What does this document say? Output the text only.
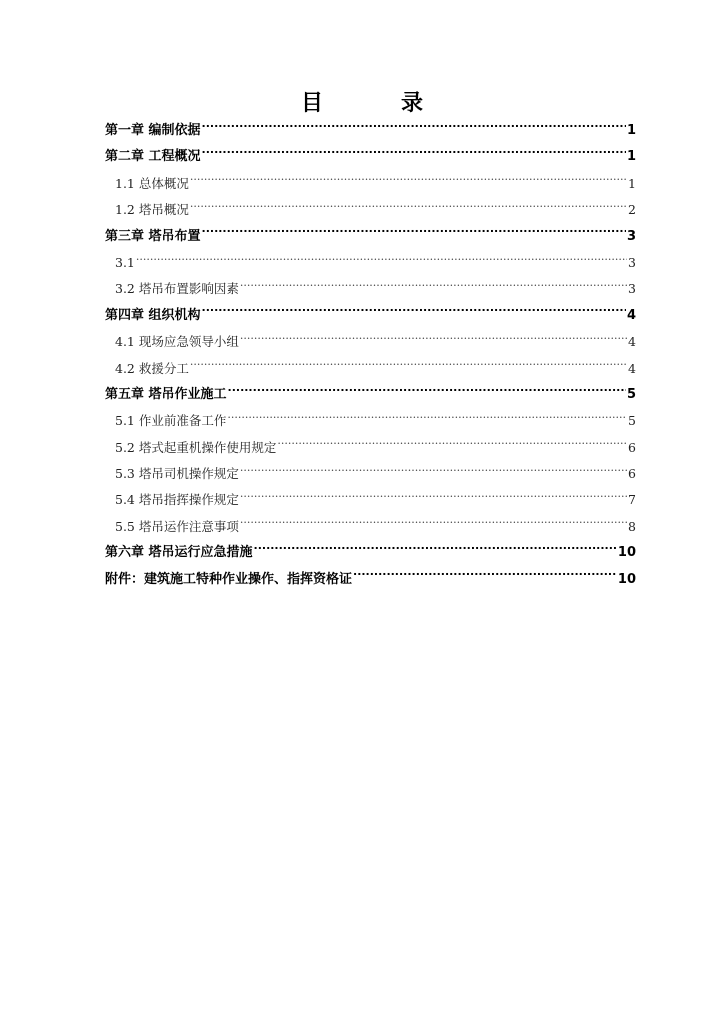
目　录
第一章 编制依据 .....	1
第二章 工程概况 .....	1
1.1 总体概况 .....	1
1.2 塔吊概况 .....	2
第三章 塔吊布置 .....	3
3.1 .....	3
3.2 塔吊布置影响因素 .....	3
第四章 组织机构 .....	4
4.1 现场应急领导小组 .....	4
4.2 救援分工 .....	4
第五章 塔吊作业施工 .....	5
5.1 作业前准备工作 .....	5
5.2 塔式起重机操作使用规定 .....	6
5.3 塔吊司机操作规定 .....	6
5.4 塔吊指挥操作规定 .....	7
5.5 塔吊运作注意事项 .....	8
第六章 塔吊运行应急措施 .....	10
附件：建筑施工特种作业操作、指挥资格证 .....	10
